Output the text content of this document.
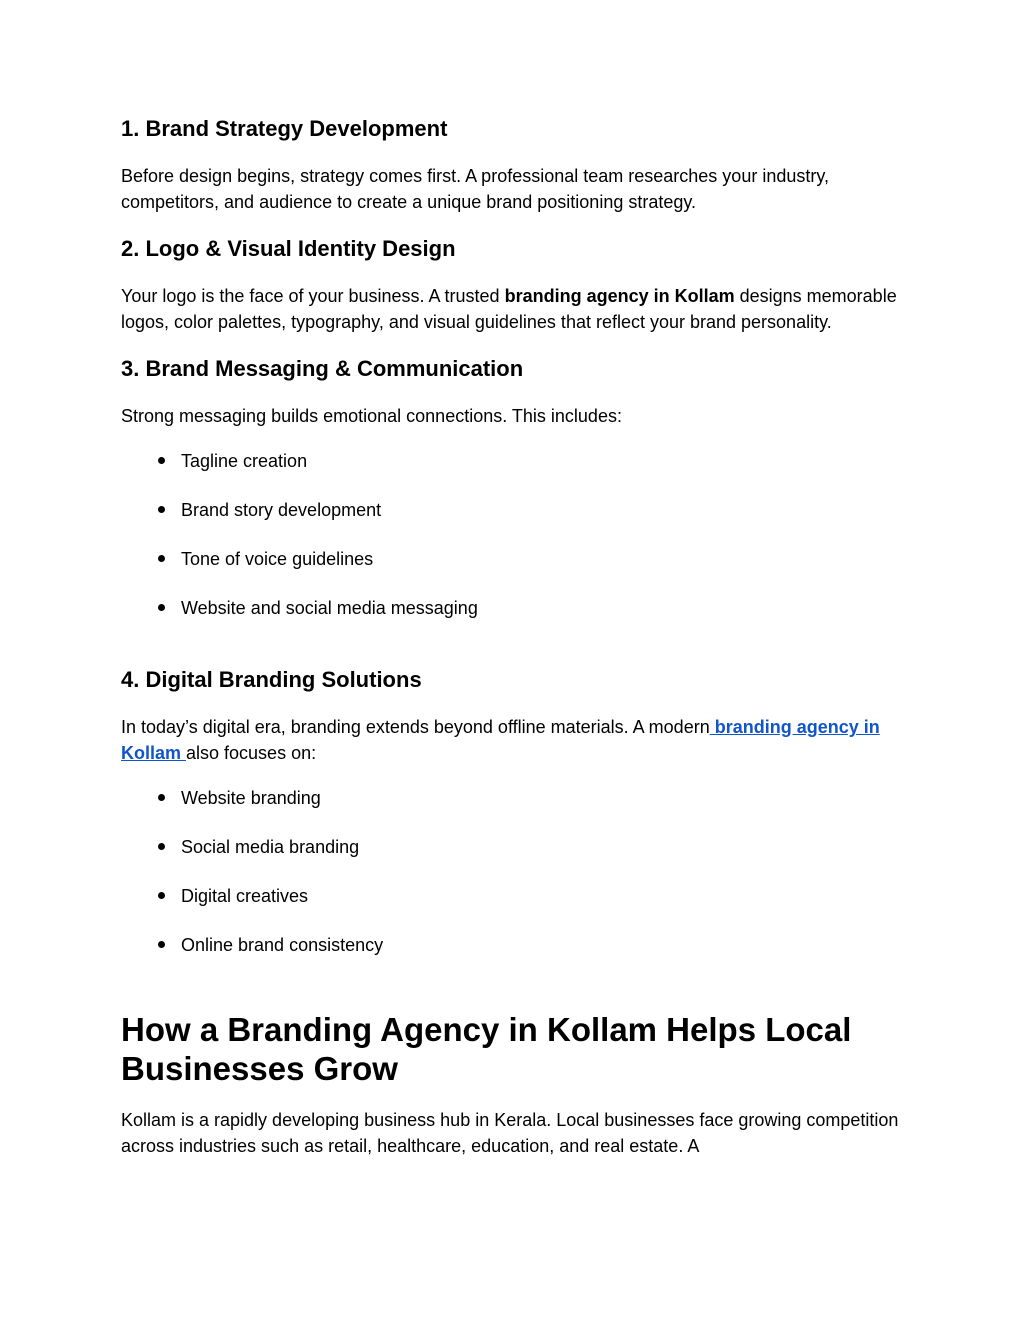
1. Brand Strategy Development

Before design begins, strategy comes first. A professional team researches your industry, competitors, and audience to create a unique brand positioning strategy.

2. Logo & Visual Identity Design

Your logo is the face of your business. A trusted branding agency in Kollam designs memorable logos, color palettes, typography, and visual guidelines that reflect your brand personality.

3. Brand Messaging & Communication

Strong messaging builds emotional connections. This includes:

Tagline creation
Brand story development
Tone of voice guidelines
Website and social media messaging
4. Digital Branding Solutions

In today’s digital era, branding extends beyond offline materials. A modern branding agency in Kollam also focuses on:

Website branding
Social media branding
Digital creatives
Online brand consistency
How a Branding Agency in Kollam Helps Local Businesses Grow

Kollam is a rapidly developing business hub in Kerala. Local businesses face growing competition across industries such as retail, healthcare, education, and real estate. A
